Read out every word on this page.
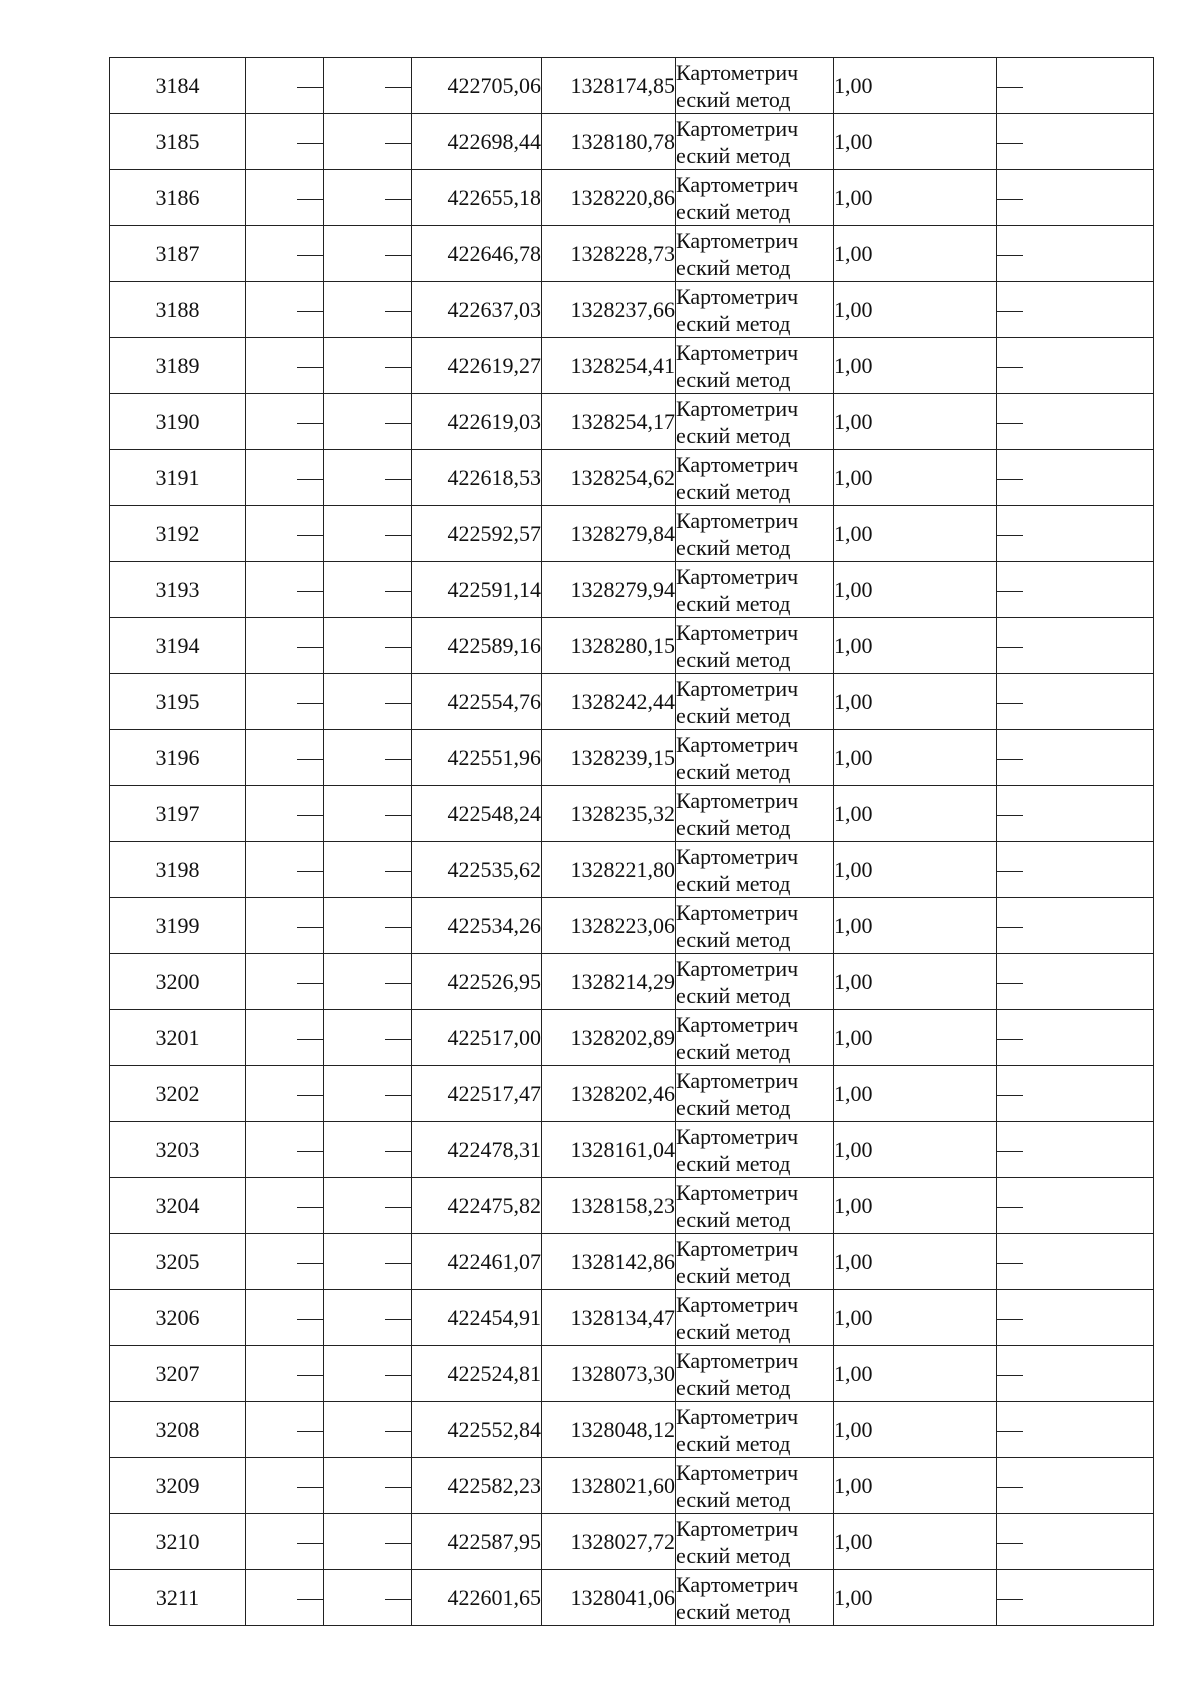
3184			422705,06	1328174,85	Картометрич
еский метод	1,00	
3185			422698,44	1328180,78	Картометрич
еский метод	1,00	
3186			422655,18	1328220,86	Картометрич
еский метод	1,00	
3187			422646,78	1328228,73	Картометрич
еский метод	1,00	
3188			422637,03	1328237,66	Картометрич
еский метод	1,00	
3189			422619,27	1328254,41	Картометрич
еский метод	1,00	
3190			422619,03	1328254,17	Картометрич
еский метод	1,00	
3191			422618,53	1328254,62	Картометрич
еский метод	1,00	
3192			422592,57	1328279,84	Картометрич
еский метод	1,00	
3193			422591,14	1328279,94	Картометрич
еский метод	1,00	
3194			422589,16	1328280,15	Картометрич
еский метод	1,00	
3195			422554,76	1328242,44	Картометрич
еский метод	1,00	
3196			422551,96	1328239,15	Картометрич
еский метод	1,00	
3197			422548,24	1328235,32	Картометрич
еский метод	1,00	
3198			422535,62	1328221,80	Картометрич
еский метод	1,00	
3199			422534,26	1328223,06	Картометрич
еский метод	1,00	
3200			422526,95	1328214,29	Картометрич
еский метод	1,00	
3201			422517,00	1328202,89	Картометрич
еский метод	1,00	
3202			422517,47	1328202,46	Картометрич
еский метод	1,00	
3203			422478,31	1328161,04	Картометрич
еский метод	1,00	
3204			422475,82	1328158,23	Картометрич
еский метод	1,00	
3205			422461,07	1328142,86	Картометрич
еский метод	1,00	
3206			422454,91	1328134,47	Картометрич
еский метод	1,00	
3207			422524,81	1328073,30	Картометрич
еский метод	1,00	
3208			422552,84	1328048,12	Картометрич
еский метод	1,00	
3209			422582,23	1328021,60	Картометрич
еский метод	1,00	
3210			422587,95	1328027,72	Картометрич
еский метод	1,00	
3211			422601,65	1328041,06	Картометрич
еский метод	1,00	
